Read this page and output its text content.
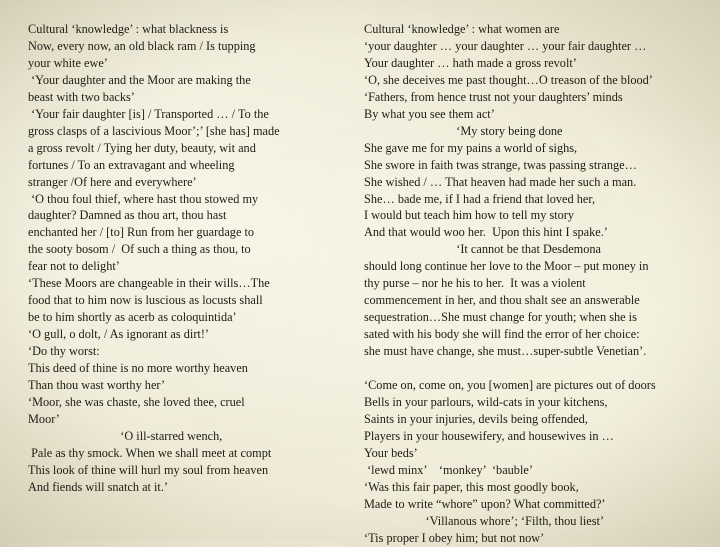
Cultural ‘knowledge’ : what blackness is
Now, every now, an old black ram / Is tupping
your white ewe’
‘Your daughter and the Moor are making the
beast with two backs’
‘Your fair daughter [is] / Transported … / To the
gross clasps of a lascivious Moor’;’ [she has] made
a gross revolt / Tying her duty, beauty, wit and
fortunes / To an extravagant and wheeling
stranger /Of here and everywhere’
‘O thou foul thief, where hast thou stowed my
daughter? Damned as thou art, thou hast
enchanted her / [to] Run from her guardage to
the sooty bosom /  Of such a thing as thou, to
fear not to delight’
‘These Moors are changeable in their wills…The
food that to him now is luscious as locusts shall
be to him shortly as acerb as coloquintida’
‘O gull, o dolt, / As ignorant as dirt!’
‘Do thy worst:
This deed of thine is no more worthy heaven
Than thou wast worthy her’
‘Moor, she was chaste, she loved thee, cruel
Moor’
‘O ill-starred wench,
Pale as thy smock. When we shall meet at compt
This look of thine will hurl my soul from heaven
And fiends will snatch at it.’
Cultural ‘knowledge’ : what women are
‘your daughter … your daughter … your fair daughter …
Your daughter … hath made a gross revolt’
‘O, she deceives me past thought…O treason of the blood’
‘Fathers, from hence trust not your daughters’ minds
By what you see them act’
‘My story being done
She gave me for my pains a world of sighs,
She swore in faith twas strange, twas passing strange…
She wished / … That heaven had made her such a man.
She… bade me, if I had a friend that loved her,
I would but teach him how to tell my story
And that would woo her.  Upon this hint I spake.’
‘It cannot be that Desdemona
should long continue her love to the Moor – put money in
thy purse – nor he his to her.  It was a violent
commencement in her, and thou shalt see an answerable
sequestration…She must change for youth; when she is
sated with his body she will find the error of her choice:
she must have change, she must…super-subtle Venetian’.
‘Come on, come on, you [women] are pictures out of doors
Bells in your parlours, wild-cats in your kitchens,
Saints in your injuries, devils being offended,
Players in your housewifery, and housewives in …
Your beds’
‘lewd minx’    ‘monkey’  ‘bauble’
‘Was this fair paper, this most goodly book,
Made to write “whore” upon? What committed?’
‘Villanous whore’; ‘Filth, thou liest’
‘Tis proper I obey him; but not now’
